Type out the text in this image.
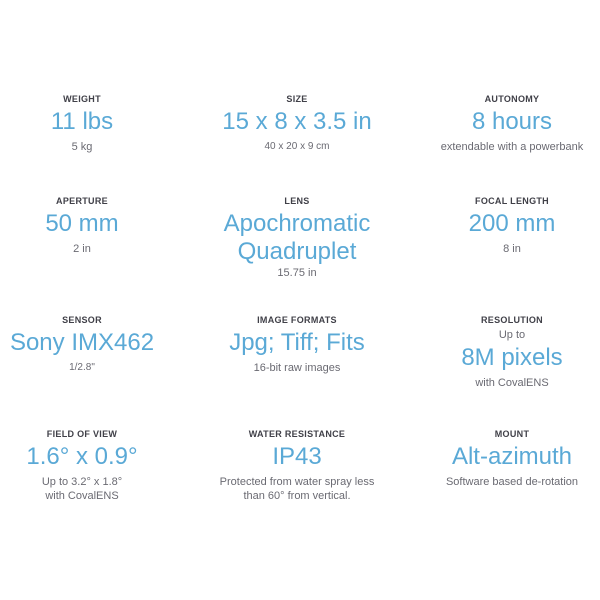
WEIGHT
11 lbs
5 kg
SIZE
15 x 8 x 3.5 in
40 x 20 x 9 cm
AUTONOMY
8 hours
extendable with a powerbank
APERTURE
50 mm
2 in
LENS
Apochromatic
Quadruplet
15.75 in
FOCAL LENGTH
200 mm
8 in
SENSOR
Sony IMX462
1/2.8"
IMAGE FORMATS
Jpg; Tiff; Fits
16-bit raw images
RESOLUTION
Up to
8M pixels
with CovalENS
FIELD OF VIEW
1.6° x 0.9°
Up to 3.2° x 1.8°
with CovalENS
WATER RESISTANCE
IP43
Protected from water spray less
than 60° from vertical.
MOUNT
Alt-azimuth
Software based de-rotation
